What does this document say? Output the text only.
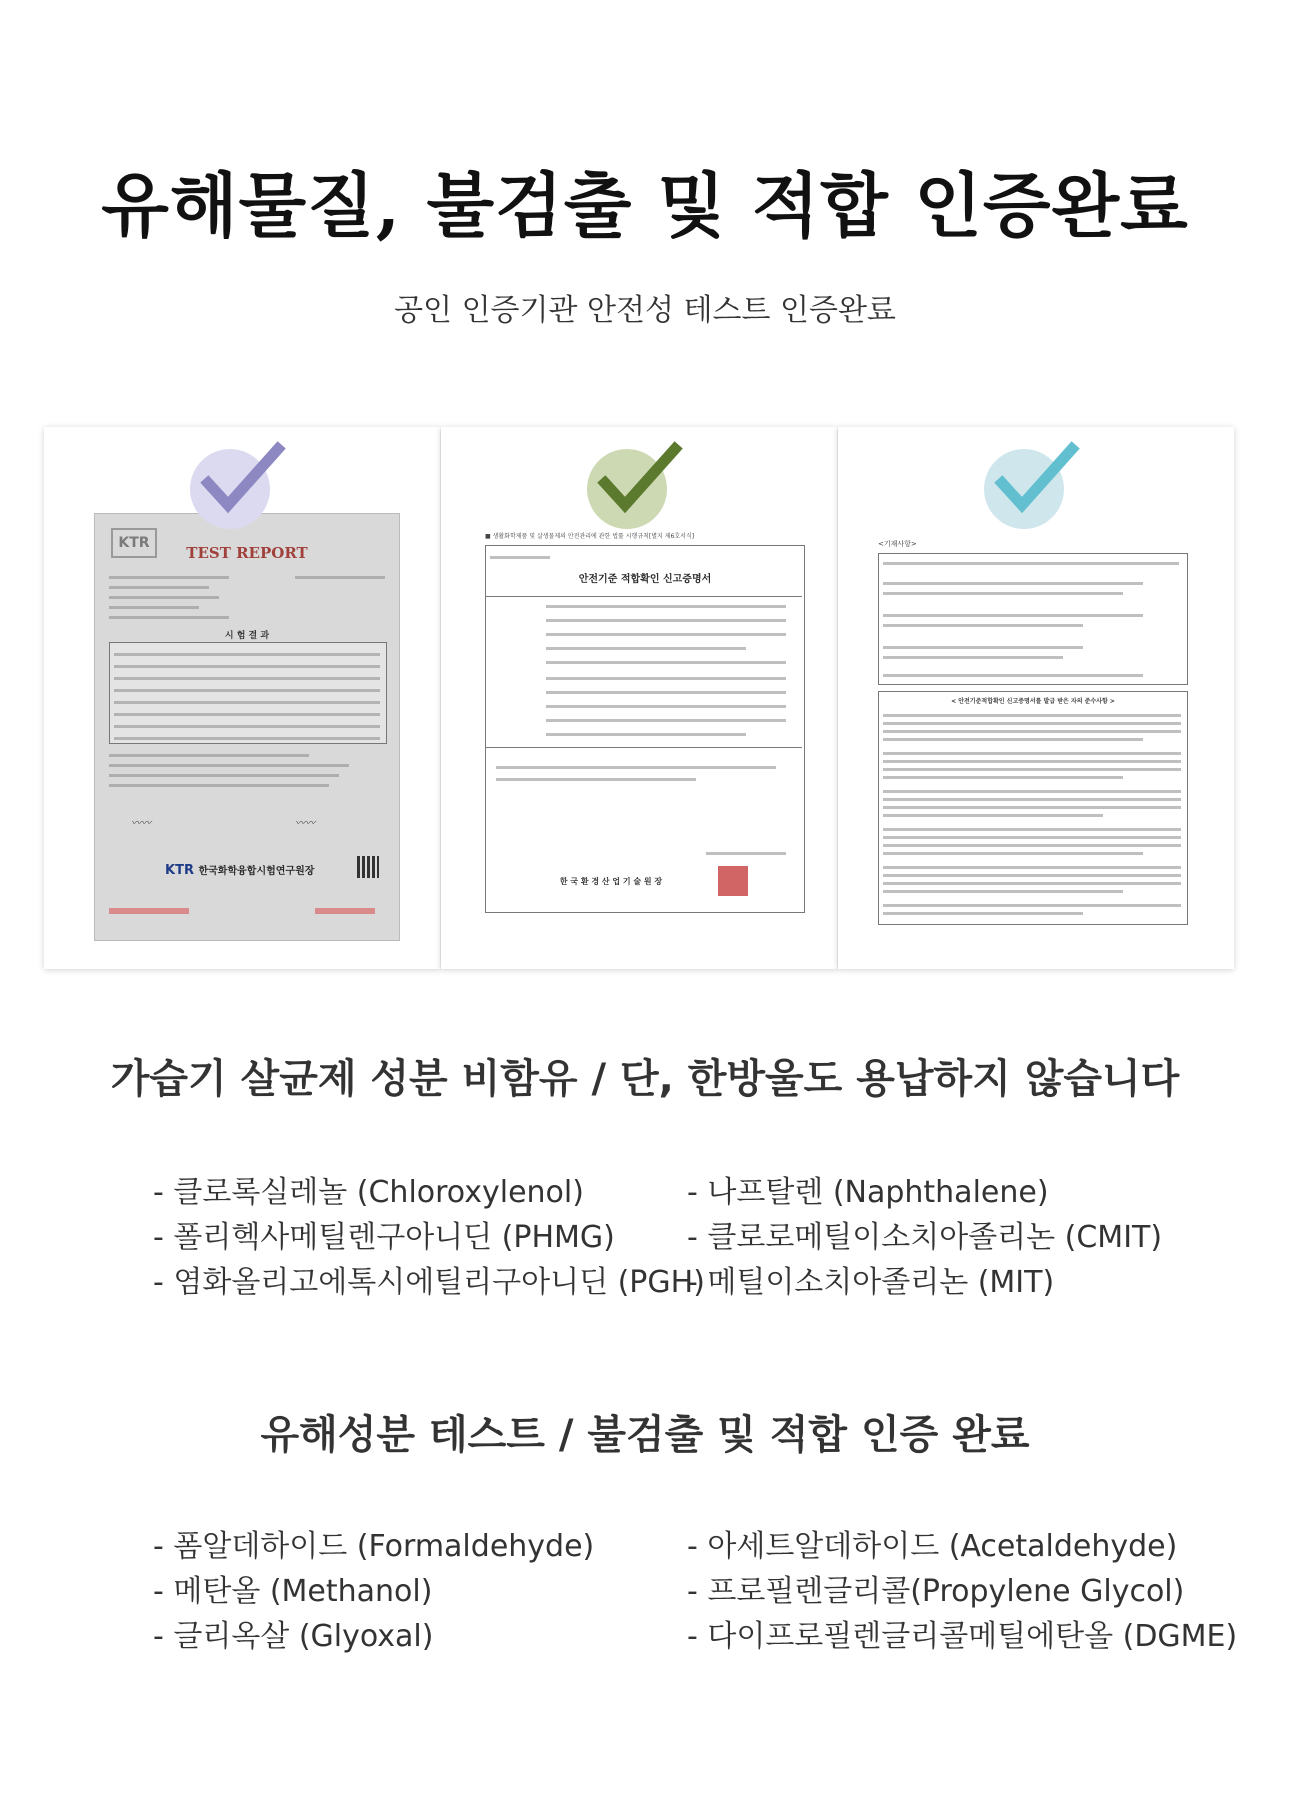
유해물질, 불검출 및 적합 인증완료
공인 인증기관 안전성 테스트 인증완료
KTR
TEST REPORT
시 험 결 과
〰〰	〰〰
KTR 한국화학융합시험연구원장
■ 생활화학제품 및 살생물제의 안전관리에 관한 법률 시행규칙[별지 제6호서식]
안전기준 적합확인 신고증명서
한 국 환 경 산 업 기 술 원 장
<기재사항>
< 안전기준적합확인 신고증명서를 발급 받은 자의 준수사항 >
가습기 살균제 성분 비함유 / 단, 한방울도 용납하지 않습니다
- 클로록실레놀 (Chloroxylenol)
- 폴리헥사메틸렌구아니딘 (PHMG)
- 염화올리고에톡시에틸리구아니딘 (PGH)
- 나프탈렌 (Naphthalene)
- 클로로메틸이소치아졸리논 (CMIT)
- 메틸이소치아졸리논 (MIT)
유해성분 테스트 / 불검출 및 적합 인증 완료
- 폼알데하이드 (Formaldehyde)
- 메탄올 (Methanol)
- 글리옥살 (Glyoxal)
- 아세트알데하이드 (Acetaldehyde)
- 프로필렌글리콜(Propylene Glycol)
- 다이프로필렌글리콜메틸에탄올 (DGME)
